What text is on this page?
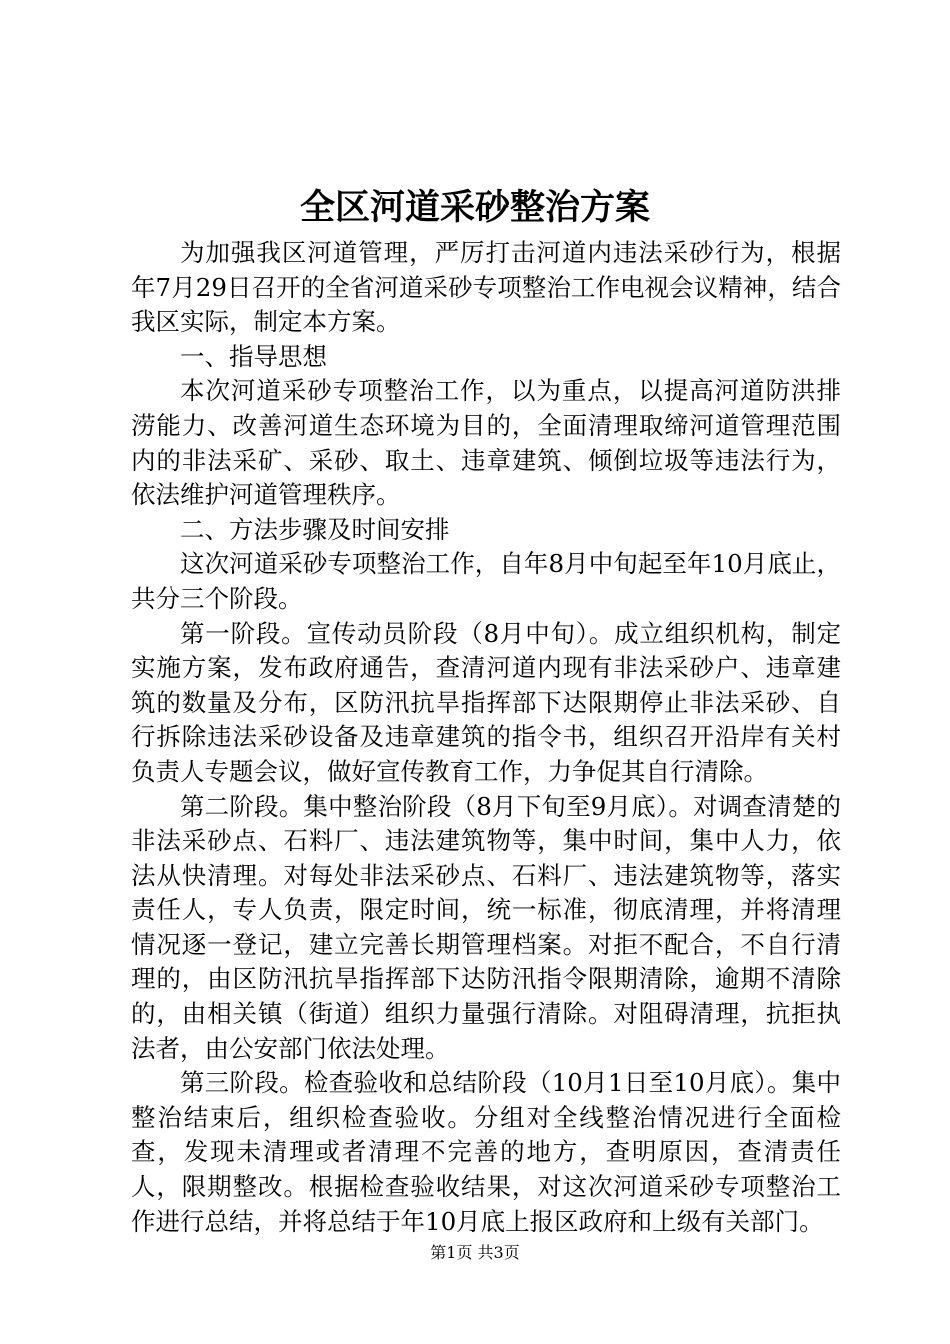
全区河道采砂整治方案

为加强我区河道管理，严厉打击河道内违法采砂行为，根据年7月29日召开的全省河道采砂专项整治工作电视会议精神，结合我区实际，制定本方案。

一、指导思想

本次河道采砂专项整治工作，以为重点，以提高河道防洪排涝能力、改善河道生态环境为目的，全面清理取缔河道管理范围内的非法采矿、采砂、取土、违章建筑、倾倒垃圾等违法行为，依法维护河道管理秩序。

二、方法步骤及时间安排

这次河道采砂专项整治工作，自年8月中旬起至年10月底止，共分三个阶段。

第一阶段。宣传动员阶段（8月中旬）。成立组织机构，制定实施方案，发布政府通告，查清河道内现有非法采砂户、违章建筑的数量及分布，区防汛抗旱指挥部下达限期停止非法采砂、自行拆除违法采砂设备及违章建筑的指令书，组织召开沿岸有关村负责人专题会议，做好宣传教育工作，力争促其自行清除。

第二阶段。集中整治阶段（8月下旬至9月底）。对调查清楚的非法采砂点、石料厂、违法建筑物等，集中时间，集中人力，依法从快清理。对每处非法采砂点、石料厂、违法建筑物等，落实责任人，专人负责，限定时间，统一标准，彻底清理，并将清理情况逐一登记，建立完善长期管理档案。对拒不配合，不自行清理的，由区防汛抗旱指挥部下达防汛指令限期清除，逾期不清除的，由相关镇（街道）组织力量强行清除。对阻碍清理，抗拒执法者，由公安部门依法处理。

第三阶段。检查验收和总结阶段（10月1日至10月底）。集中整治结束后，组织检查验收。分组对全线整治情况进行全面检查，发现未清理或者清理不完善的地方，查明原因，查清责任人，限期整改。根据检查验收结果，对这次河道采砂专项整治工作进行总结，并将总结于年10月底上报区政府和上级有关部门。

第1页 共3页
